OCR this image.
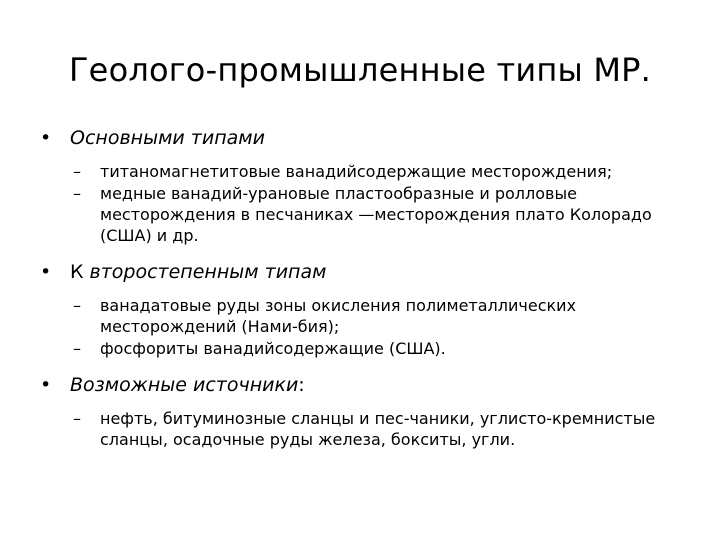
Геолого-промышленные типы МР.
• Основными типами
– титаномагнетитовые ванадийсодержащие месторождения;
– медные ванадий-урановые пластообразные и ролловые месторождения в песчаниках —месторождения плато Колорадо (США) и др.
• К второстепенным типам
– ванадатовые руды зоны окисления полиметаллических месторождений (Нами-бия);
– фосфориты ванадийсодержащие (США).
• Возможные источники:
– нефть, битуминозные сланцы и пес-чаники, углисто-кремнистые сланцы, осадочные руды железа, бокситы, угли.
